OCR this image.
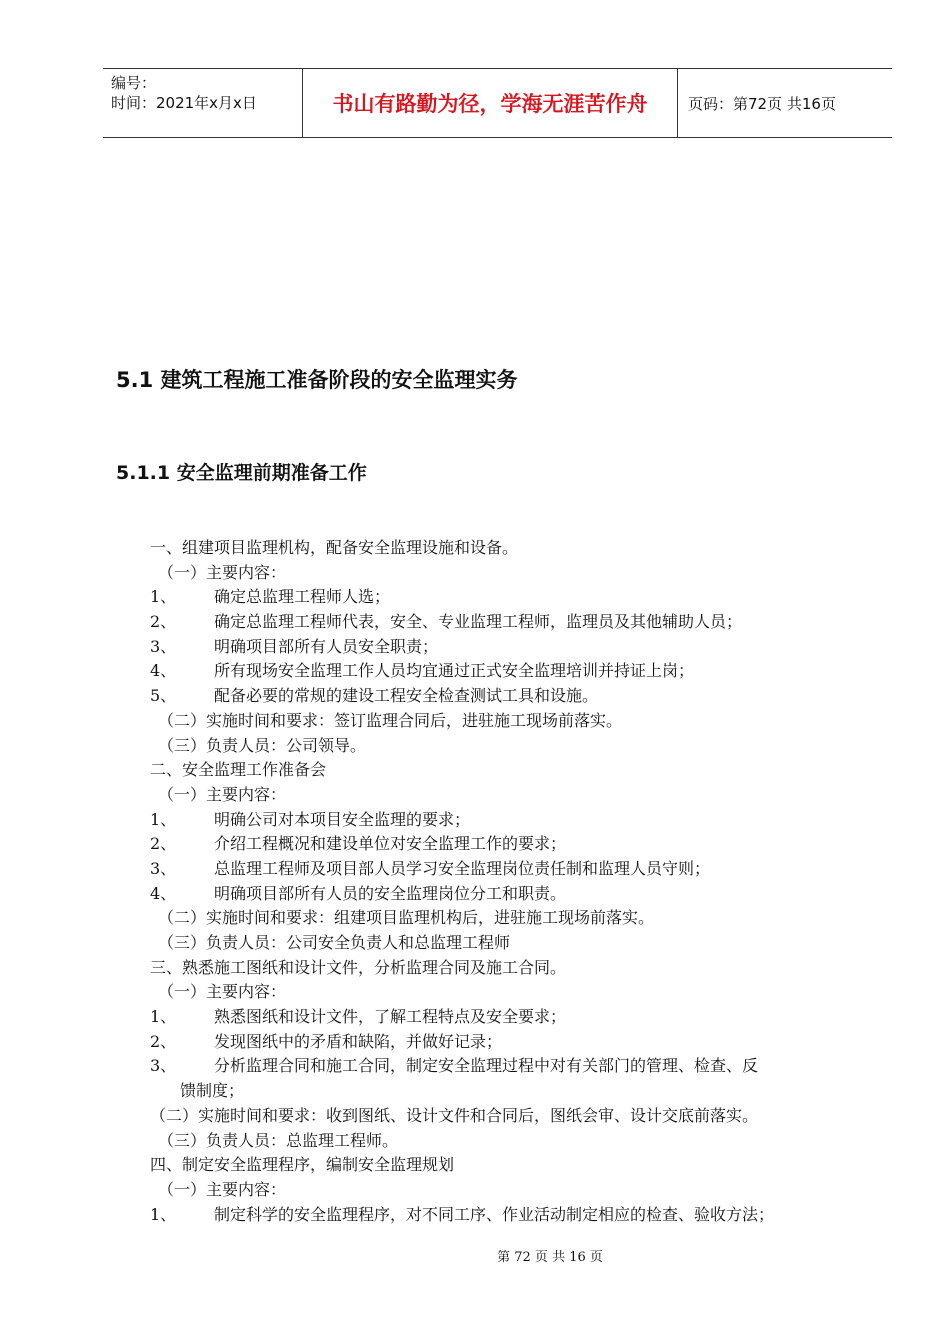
编号：
时间：2021年x月x日	书山有路勤为径，学海无涯苦作舟	页码：第72页 共16页
5.1 建筑工程施工准备阶段的安全监理实务
5.1.1 安全监理前期准备工作
一、组建项目监理机构，配备安全监理设施和设备。
（一）主要内容：
1、	确定总监理工程师人选；
2、	确定总监理工程师代表，安全、专业监理工程师，监理员及其他辅助人员；
3、	明确项目部所有人员安全职责；
4、	所有现场安全监理工作人员均宜通过正式安全监理培训并持证上岗；
5、	配备必要的常规的建设工程安全检查测试工具和设施。
（二）实施时间和要求：签订监理合同后，进驻施工现场前落实。
（三）负责人员：公司领导。
二、安全监理工作准备会
（一）主要内容：
1、	明确公司对本项目安全监理的要求；
2、	介绍工程概况和建设单位对安全监理工作的要求；
3、	总监理工程师及项目部人员学习安全监理岗位责任制和监理人员守则；
4、	明确项目部所有人员的安全监理岗位分工和职责。
（二）实施时间和要求：组建项目监理机构后，进驻施工现场前落实。
（三）负责人员：公司安全负责人和总监理工程师
三、熟悉施工图纸和设计文件，分析监理合同及施工合同。
（一）主要内容：
1、	熟悉图纸和设计文件，了解工程特点及安全要求；
2、	发现图纸中的矛盾和缺陷，并做好记录；
3、	分析监理合同和施工合同，制定安全监理过程中对有关部门的管理、检查、反
馈制度；
（二）实施时间和要求：收到图纸、设计文件和合同后，图纸会审、设计交底前落实。
（三）负责人员：总监理工程师。
四、制定安全监理程序，编制安全监理规划
（一）主要内容：
1、	制定科学的安全监理程序，对不同工序、作业活动制定相应的检查、验收方法；
第 72 页 共 16 页
